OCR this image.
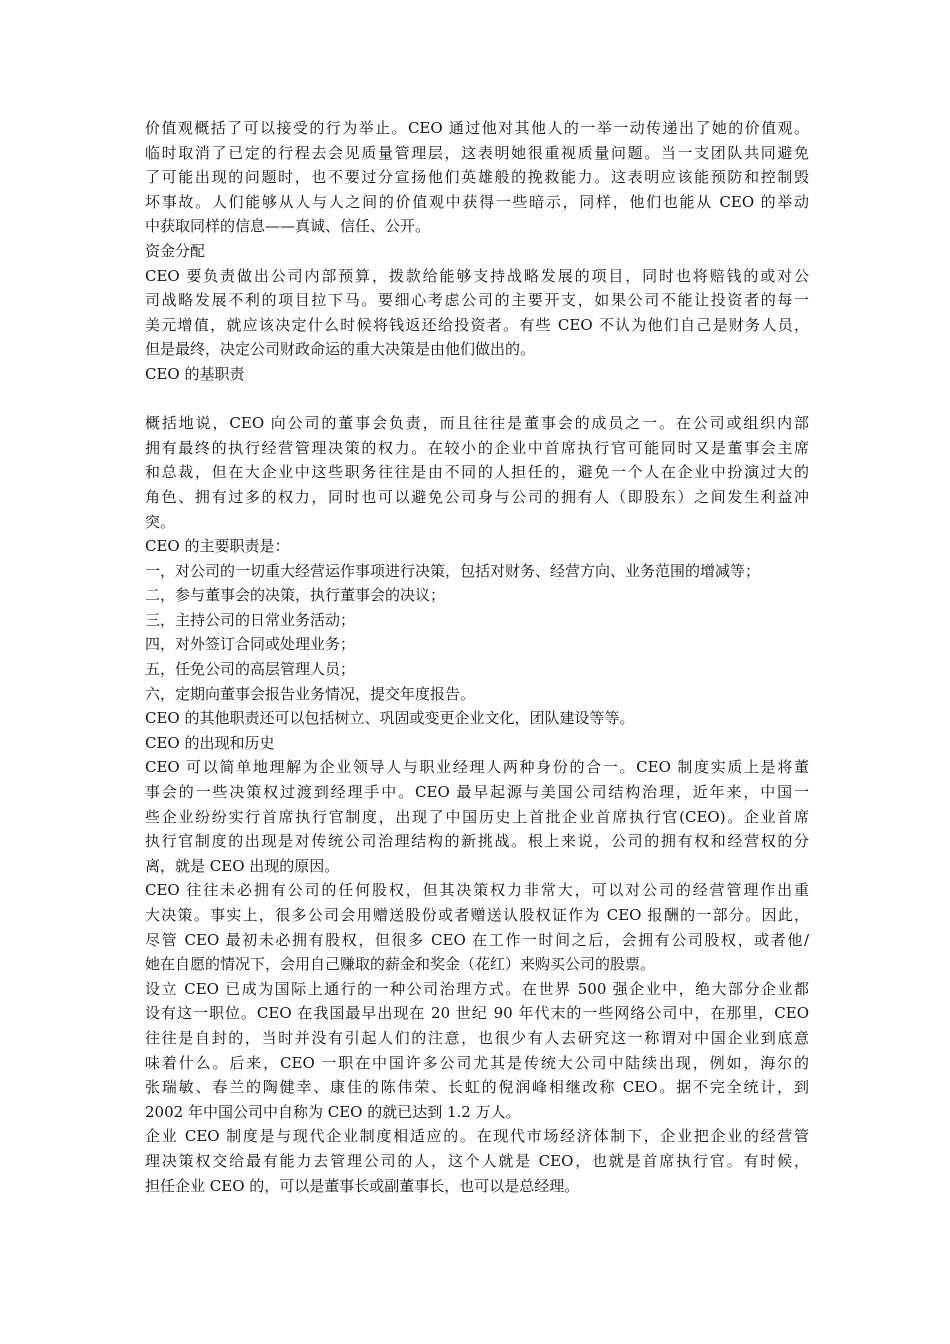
价值观概括了可以接受的行为举止。CEO 通过他对其他人的一举一动传递出了她的价值观。
临时取消了已定的行程去会见质量管理层，这表明她很重视质量问题。当一支团队共同避免
了可能出现的问题时，也不要过分宣扬他们英雄般的挽救能力。这表明应该能预防和控制毁
坏事故。人们能够从人与人之间的价值观中获得一些暗示，同样，他们也能从 CEO 的举动
中获取同样的信息——真诚、信任、公开。
资金分配
CEO 要负责做出公司内部预算，拨款给能够支持战略发展的项目，同时也将赔钱的或对公
司战略发展不利的项目拉下马。要细心考虑公司的主要开支，如果公司不能让投资者的每一
美元增值，就应该决定什么时候将钱返还给投资者。有些 CEO 不认为他们自己是财务人员，
但是最终，决定公司财政命运的重大决策是由他们做出的。
CEO 的基职责
概括地说，CEO 向公司的董事会负责，而且往往是董事会的成员之一。在公司或组织内部
拥有最终的执行经营管理决策的权力。在较小的企业中首席执行官可能同时又是董事会主席
和总裁，但在大企业中这些职务往往是由不同的人担任的，避免一个人在企业中扮演过大的
角色、拥有过多的权力，同时也可以避免公司身与公司的拥有人（即股东）之间发生利益冲
突。
CEO 的主要职责是：
一，对公司的一切重大经营运作事项进行决策，包括对财务、经营方向、业务范围的增减等；
二，参与董事会的决策，执行董事会的决议；
三，主持公司的日常业务活动；
四，对外签订合同或处理业务；
五，任免公司的高层管理人员；
六，定期向董事会报告业务情况，提交年度报告。
CEO 的其他职责还可以包括树立、巩固或变更企业文化，团队建设等等。
CEO 的出现和历史
CEO 可以简单地理解为企业领导人与职业经理人两种身份的合一。CEO 制度实质上是将董
事会的一些决策权过渡到经理手中。CEO 最早起源与美国公司结构治理，近年来，中国一
些企业纷纷实行首席执行官制度，出现了中国历史上首批企业首席执行官(CEO)。企业首席
执行官制度的出现是对传统公司治理结构的新挑战。根上来说，公司的拥有权和经营权的分
离，就是 CEO 出现的原因。
CEO 往往未必拥有公司的任何股权，但其决策权力非常大，可以对公司的经营管理作出重
大决策。事实上，很多公司会用赠送股份或者赠送认股权证作为 CEO 报酬的一部分。因此，
尽管 CEO 最初未必拥有股权，但很多 CEO 在工作一时间之后，会拥有公司股权，或者他/
她在自愿的情况下，会用自己赚取的薪金和奖金（花红）来购买公司的股票。
设立 CEO 已成为国际上通行的一种公司治理方式。在世界 500 强企业中，绝大部分企业都
设有这一职位。CEO 在我国最早出现在 20 世纪 90 年代末的一些网络公司中，在那里，CEO
往往是自封的，当时并没有引起人们的注意，也很少有人去研究这一称谓对中国企业到底意
味着什么。后来，CEO 一职在中国许多公司尤其是传统大公司中陆续出现，例如，海尔的
张瑞敏、春兰的陶健幸、康佳的陈伟荣、长虹的倪润峰相继改称 CEO。据不完全统计，到
2002 年中国公司中自称为 CEO 的就已达到 1.2 万人。
企业 CEO 制度是与现代企业制度相适应的。在现代市场经济体制下，企业把企业的经营管
理决策权交给最有能力去管理公司的人，这个人就是 CEO，也就是首席执行官。有时候，
担任企业 CEO 的，可以是董事长或副董事长，也可以是总经理。
